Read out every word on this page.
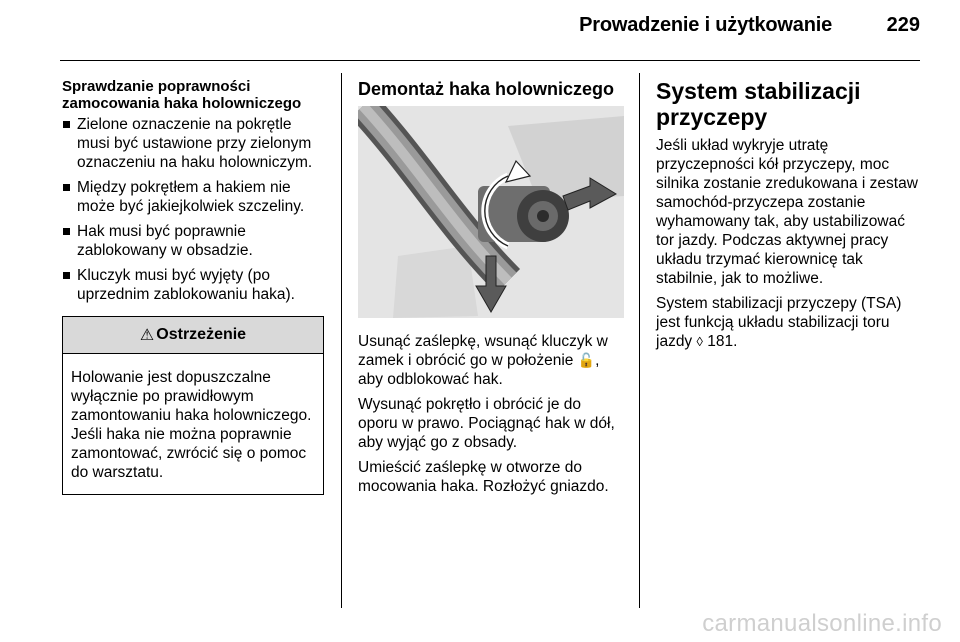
Prowadzenie i użytkowanie	229
Sprawdzanie poprawności zamocowania haka holowniczego
Zielone oznaczenie na pokrętle musi być ustawione przy zielonym oznaczeniu na haku holowniczym.
Między pokrętłem a hakiem nie może być jakiejkolwiek szczeliny.
Hak musi być poprawnie zablokowany w obsadzie.
Kluczyk musi być wyjęty (po uprzednim zablokowaniu haka).
⚠ Ostrzeżenie
Holowanie jest dopuszczalne wyłącznie po prawidłowym zamontowaniu haka holowniczego. Jeśli haka nie można poprawnie zamontować, zwrócić się o pomoc do warsztatu.
Demontaż haka holowniczego

Usunąć zaślepkę, wsunąć kluczyk w zamek i obrócić go w położenie 🔓, aby odblokować hak.

Wysunąć pokrętło i obrócić je do oporu w prawo. Pociągnąć hak w dół, aby wyjąć go z obsady.

Umieścić zaślepkę w otworze do mocowania haka. Rozłożyć gniazdo.

System stabilizacji
przyczepy

Jeśli układ wykryje utratę przyczepności kół przyczepy, moc silnika zostanie zredukowana i zestaw samochód-przyczepa zostanie wyhamowany tak, aby ustabilizować tor jazdy. Podczas aktywnej pracy układu trzymać kierownicę tak stabilnie, jak to możliwe.

System stabilizacji przyczepy (TSA) jest funkcją układu stabilizacji toru jazdy ◊ 181.

carmanualsonline.info
